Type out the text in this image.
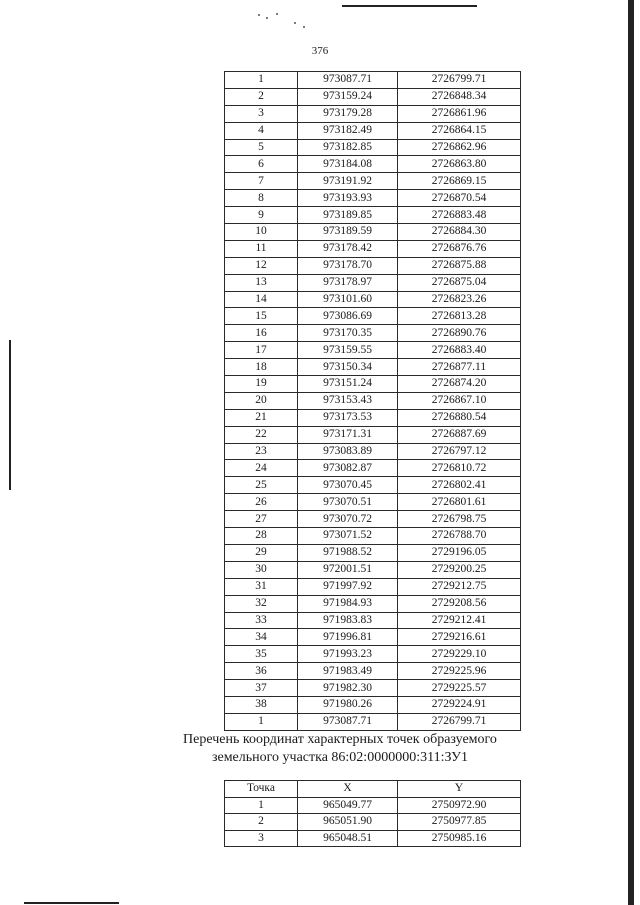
376
1	973087.71	2726799.71
2	973159.24	2726848.34
3	973179.28	2726861.96
4	973182.49	2726864.15
5	973182.85	2726862.96
6	973184.08	2726863.80
7	973191.92	2726869.15
8	973193.93	2726870.54
9	973189.85	2726883.48
10	973189.59	2726884.30
11	973178.42	2726876.76
12	973178.70	2726875.88
13	973178.97	2726875.04
14	973101.60	2726823.26
15	973086.69	2726813.28
16	973170.35	2726890.76
17	973159.55	2726883.40
18	973150.34	2726877.11
19	973151.24	2726874.20
20	973153.43	2726867.10
21	973173.53	2726880.54
22	973171.31	2726887.69
23	973083.89	2726797.12
24	973082.87	2726810.72
25	973070.45	2726802.41
26	973070.51	2726801.61
27	973070.72	2726798.75
28	973071.52	2726788.70
29	971988.52	2729196.05
30	972001.51	2729200.25
31	971997.92	2729212.75
32	971984.93	2729208.56
33	971983.83	2729212.41
34	971996.81	2729216.61
35	971993.23	2729229.10
36	971983.49	2729225.96
37	971982.30	2729225.57
38	971980.26	2729224.91
1	973087.71	2726799.71
Перечень координат характерных точек образуемого
земельного участка 86:02:0000000:311:ЗУ1
Точка	X	Y
1	965049.77	2750972.90
2	965051.90	2750977.85
3	965048.51	2750985.16
